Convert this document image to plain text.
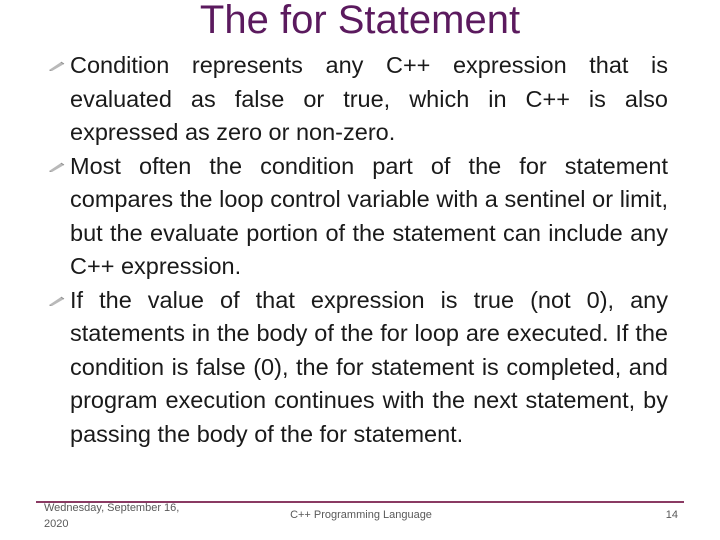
The for Statement
Condition represents any C++ expression that is evaluated as false or true, which in C++ is also expressed as zero or non-zero.
Most often the condition part of the for statement compares the loop control variable with a sentinel or limit, but the evaluate portion of the statement can include any C++ expression.
If the value of that expression is true (not 0), any statements in the body of the for loop are executed. If the condition is false (0), the for statement is completed, and program execution continues with the next statement, by passing the body of the for statement.
Wednesday, September 16, 2020
C++ Programming Language	14
